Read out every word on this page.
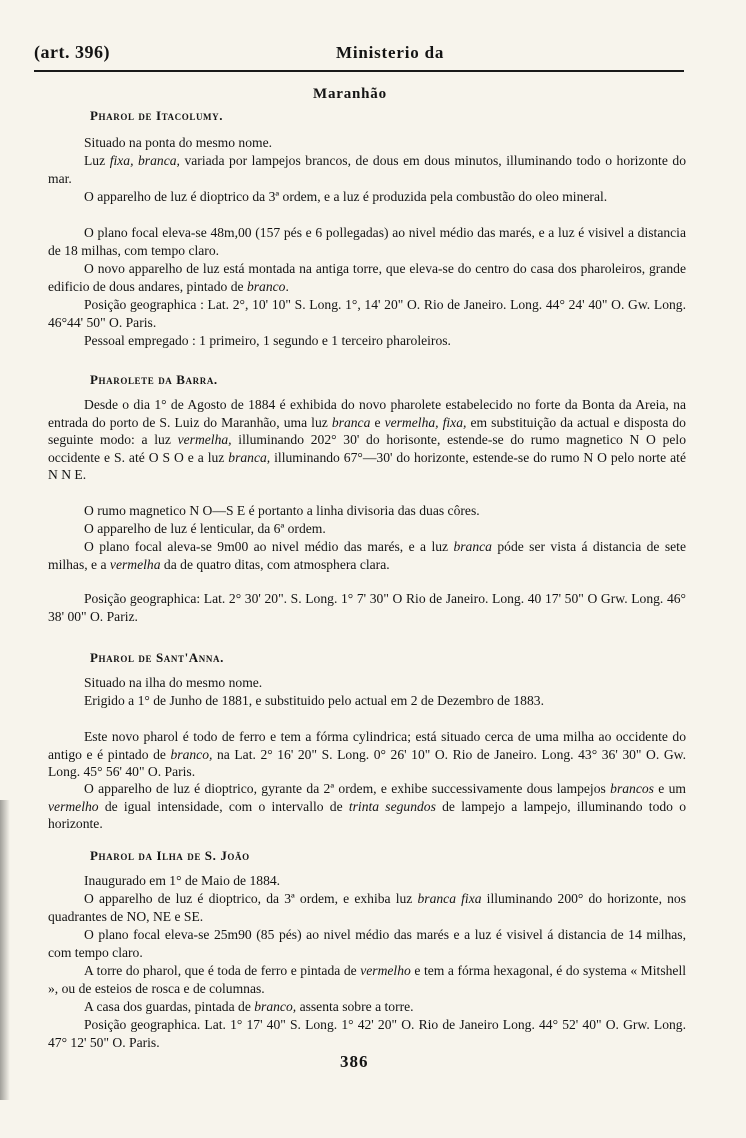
(art. 396)	Ministerio da
Maranhão
Pharol de Itacolumy.

Situado na ponta do mesmo nome.

Luz fixa, branca, variada por lampejos brancos, de dous em dous minutos, illuminando todo o horizonte do mar.

O apparelho de luz é dioptrico da 3ª ordem, e a luz é produzida pela combustão do oleo mineral.

O plano focal eleva-se 48m,00 (157 pés e 6 pollegadas) ao nivel médio das marés, e a luz é visivel a distancia de 18 milhas, com tempo claro.

O novo apparelho de luz está montada na antiga torre, que eleva-se do centro do casa dos pharoleiros, grande edificio de dous andares, pintado de branco.

Posição geographica : Lat. 2°, 10' 10" S. Long. 1°, 14' 20" O. Rio de Janeiro. Long. 44° 24' 40" O. Gw. Long. 46°44' 50" O. Paris.

Pessoal empregado : 1 primeiro, 1 segundo e 1 terceiro pharoleiros.

Pharolete da Barra.

Desde o dia 1° de Agosto de 1884 é exhibida do novo pharolete estabelecido no forte da Bonta da Areia, na entrada do porto de S. Luiz do Maranhão, uma luz branca e vermelha, fixa, em substituição da actual e disposta do seguinte modo: a luz vermelha, illuminando 202° 30' do horisonte, estende-se do rumo magnetico N O pelo occidente e S. até O S O e a luz branca, illuminando 67°—30' do horizonte, estende-se do rumo N O pelo norte até N N E.

O rumo magnetico N O—S E é portanto a linha divisoria das duas côres.

O apparelho de luz é lenticular, da 6ª ordem.

O plano focal aleva-se 9m00 ao nivel médio das marés, e a luz branca póde ser vista á distancia de sete milhas, e a vermelha da de quatro ditas, com atmosphera clara.

Posição geographica: Lat. 2° 30' 20". S. Long. 1° 7' 30" O Rio de Janeiro. Long. 40 17' 50" O Grw. Long. 46° 38' 00" O. Pariz.

Pharol de Sant'Anna.

Situado na ilha do mesmo nome.

Erigido a 1° de Junho de 1881, e substituido pelo actual em 2 de Dezembro de 1883.

Este novo pharol é todo de ferro e tem a fórma cylindrica; está situado cerca de uma milha ao occidente do antigo e é pintado de branco, na Lat. 2° 16' 20" S. Long. 0° 26' 10" O. Rio de Janeiro. Long. 43° 36' 30" O. Gw. Long. 45° 56' 40" O. Paris.

O apparelho de luz é dioptrico, gyrante da 2ª ordem, e exhibe successivamente dous lampejos brancos e um vermelho de igual intensidade, com o intervallo de trinta segundos de lampejo a lampejo, illuminando todo o horizonte.

Pharol da Ilha de S. João

Inaugurado em 1° de Maio de 1884.

O apparelho de luz é dioptrico, da 3ª ordem, e exhiba luz branca fixa illuminando 200° do horizonte, nos quadrantes de NO, NE e SE.

O plano focal eleva-se 25m90 (85 pés) ao nivel médio das marés e a luz é visivel á distancia de 14 milhas, com tempo claro.

A torre do pharol, que é toda de ferro e pintada de vermelho e tem a fórma hexagonal, é do systema « Mitshell », ou de esteios de rosca e de columnas.

A casa dos guardas, pintada de branco, assenta sobre a torre.

Posição geographica. Lat. 1° 17' 40" S. Long. 1° 42' 20" O. Rio de Janeiro Long. 44° 52' 40" O. Grw. Long. 47° 12' 50" O. Paris.

386
